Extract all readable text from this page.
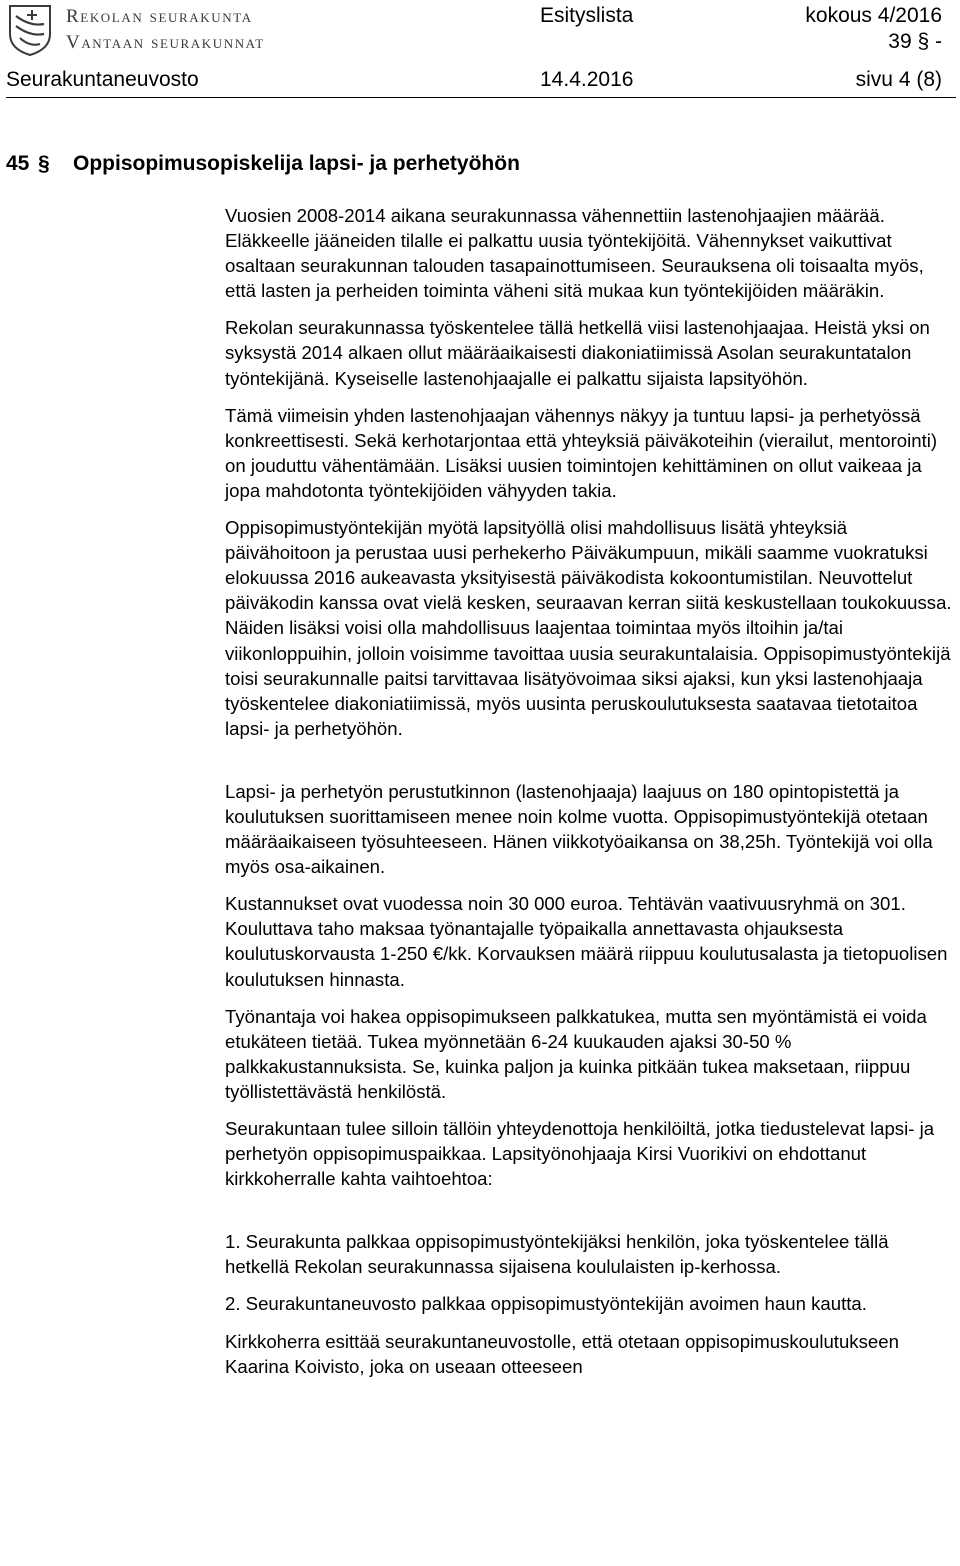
Rekolan seurakunta
Vantaan seurakunnat
Esityslista	kokous 4/2016
39 § -
Seurakuntaneuvosto	14.4.2016	sivu 4 (8)
45 § Oppisopimusopiskelija lapsi- ja perhetyöhön

Vuosien 2008-2014 aikana seurakunnassa vähennettiin lastenohjaajien määrää. Eläkkeelle jääneiden tilalle ei palkattu uusia työntekijöitä. Vähennykset vaikuttivat osaltaan seurakunnan talouden tasapainottumiseen. Seurauksena oli toisaalta myös, että lasten ja perheiden toiminta väheni sitä mukaa kun työntekijöiden määräkin.

Rekolan seurakunnassa työskentelee tällä hetkellä viisi lastenohjaajaa. Heistä yksi on syksystä 2014 alkaen ollut määräaikaisesti diakoniatiimissä Asolan seurakuntatalon työntekijänä. Kyseiselle lastenohjaajalle ei palkattu sijaista lapsityöhön.

Tämä viimeisin yhden lastenohjaajan vähennys näkyy ja tuntuu lapsi- ja perhetyössä konkreettisesti. Sekä kerhotarjontaa että yhteyksiä päiväkoteihin (vierailut, mentorointi) on jouduttu vähentämään. Lisäksi uusien toimintojen kehittäminen on ollut vaikeaa ja jopa mahdotonta työntekijöiden vähyyden takia.

Oppisopimustyöntekijän myötä lapsityöllä olisi mahdollisuus lisätä yhteyksiä päivähoitoon ja perustaa uusi perhekerho Päiväkumpuun, mikäli saamme vuokratuksi elokuussa 2016 aukeavasta yksityisestä päiväkodista kokoontumistilan. Neuvottelut päiväkodin kanssa ovat vielä kesken, seuraavan kerran siitä keskustellaan toukokuussa. Näiden lisäksi voisi olla mahdollisuus laajentaa toimintaa myös iltoihin ja/tai viikonloppuihin, jolloin voisimme tavoittaa uusia seurakuntalaisia. Oppisopimustyöntekijä toisi seurakunnalle paitsi tarvittavaa lisätyövoimaa siksi ajaksi, kun yksi lastenohjaaja työskentelee diakoniatiimissä, myös uusinta peruskoulutuksesta saatavaa tietotaitoa lapsi- ja perhetyöhön.

Lapsi- ja perhetyön perustutkinnon (lastenohjaaja) laajuus on 180 opintopistettä ja koulutuksen suorittamiseen menee noin kolme vuotta. Oppisopimustyöntekijä otetaan määräaikaiseen työsuhteeseen. Hänen viikkotyöaikansa on 38,25h. Työntekijä voi olla myös osa-aikainen.

Kustannukset ovat vuodessa noin 30 000 euroa. Tehtävän vaativuusryhmä on 301. Kouluttava taho maksaa työnantajalle työpaikalla annettavasta ohjauksesta koulutuskorvausta 1-250 €/kk. Korvauksen määrä riippuu koulutusalasta ja tietopuolisen koulutuksen hinnasta.

Työnantaja voi hakea oppisopimukseen palkkatukea, mutta sen myöntämistä ei voida etukäteen tietää. Tukea myönnetään 6-24 kuukauden ajaksi 30-50 % palkkakustannuksista. Se, kuinka paljon ja kuinka pitkään tukea maksetaan, riippuu työllistettävästä henkilöstä.

Seurakuntaan tulee silloin tällöin yhteydenottoja henkilöiltä, jotka tiedustelevat lapsi- ja perhetyön oppisopimuspaikkaa. Lapsityönohjaaja Kirsi Vuorikivi on ehdottanut kirkkoherralle kahta vaihtoehtoa:

1. Seurakunta palkkaa oppisopimustyöntekijäksi henkilön, joka työskentelee tällä hetkellä Rekolan seurakunnassa sijaisena koululaisten ip-kerhossa.

2. Seurakuntaneuvosto palkkaa oppisopimustyöntekijän avoimen haun kautta.

Kirkkoherra esittää seurakuntaneuvostolle, että otetaan oppisopimuskoulutukseen Kaarina Koivisto, joka on useaan otteeseen
